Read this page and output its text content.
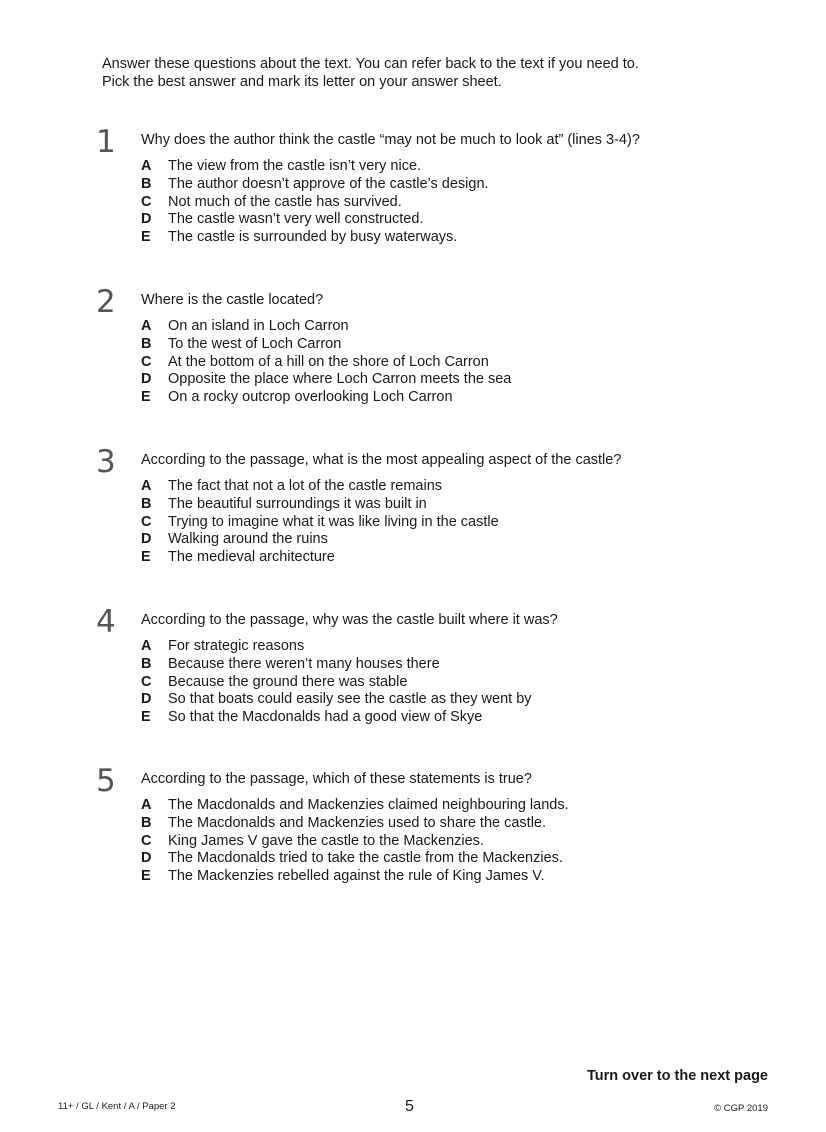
Answer these questions about the text. You can refer back to the text if you need to.
Pick the best answer and mark its letter on your answer sheet.
1	Why does the author think the castle “may not be much to look at” (lines 3-4)?
A	The view from the castle isn’t very nice.
B	The author doesn’t approve of the castle’s design.
C	Not much of the castle has survived.
D	The castle wasn’t very well constructed.
E	The castle is surrounded by busy waterways.
2	Where is the castle located?
A	On an island in Loch Carron
B	To the west of Loch Carron
C	At the bottom of a hill on the shore of Loch Carron
D	Opposite the place where Loch Carron meets the sea
E	On a rocky outcrop overlooking Loch Carron
3	According to the passage, what is the most appealing aspect of the castle?
A	The fact that not a lot of the castle remains
B	The beautiful surroundings it was built in
C	Trying to imagine what it was like living in the castle
D	Walking around the ruins
E	The medieval architecture
4	According to the passage, why was the castle built where it was?
A	For strategic reasons
B	Because there weren’t many houses there
C	Because the ground there was stable
D	So that boats could easily see the castle as they went by
E	So that the Macdonalds had a good view of Skye
5	According to the passage, which of these statements is true?
A	The Macdonalds and Mackenzies claimed neighbouring lands.
B	The Macdonalds and Mackenzies used to share the castle.
C	King James V gave the castle to the Mackenzies.
D	The Macdonalds tried to take the castle from the Mackenzies.
E	The Mackenzies rebelled against the rule of King James V.
Turn over to the next page
11+ / GL / Kent / A / Paper 2	5	© CGP 2019
